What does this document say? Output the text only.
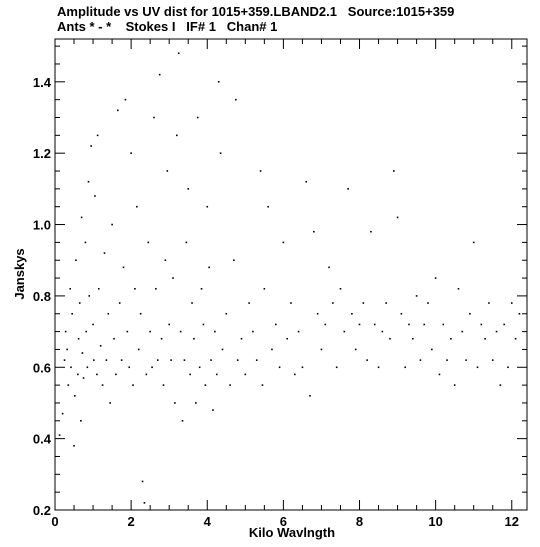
Amplitude vs UV dist for 1015+359.LBAND2.1   Source:1015+359
Ants * - *    Stokes I   IF# 1   Chan# 1
0	2	4	6	8	10	12
0.2
0.4
0.6
0.8
1.0
1.2
1.4
Kilo Wavlngth
Janskys
